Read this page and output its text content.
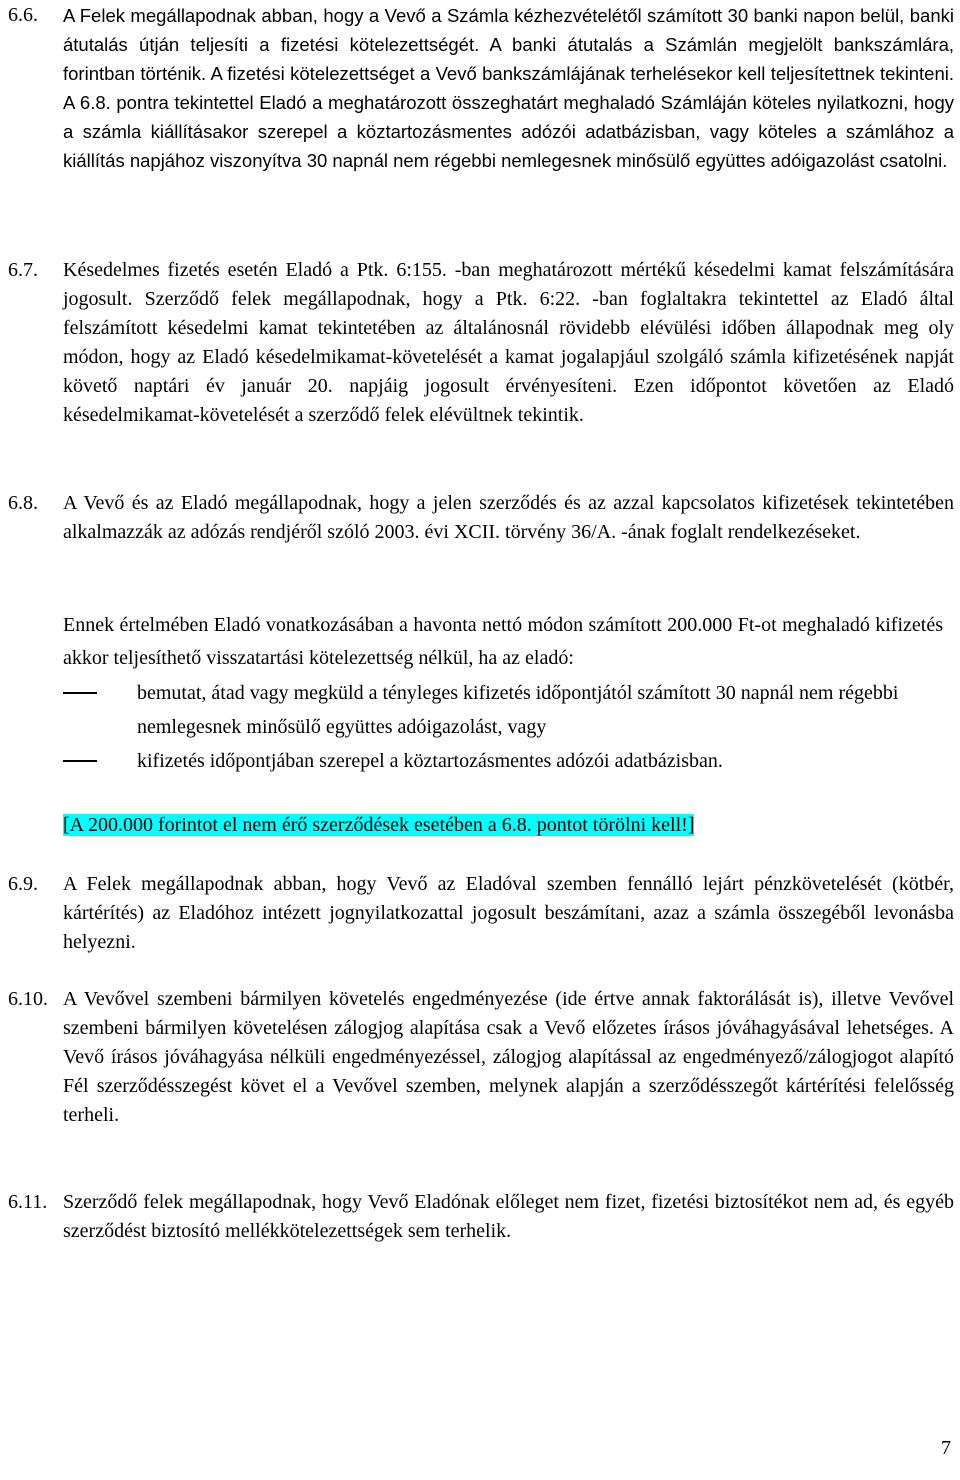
6.6.	A Felek megállapodnak abban, hogy a Vevő a Számla kézhezvételétől számított 30 banki napon belül, banki átutalás útján teljesíti a fizetési kötelezettségét. A banki átutalás a Számlán megjelölt bankszámlára, forintban történik. A fizetési kötelezettséget a Vevő bankszámlájának terhelésekor kell teljesítettnek tekinteni. A 6.8. pontra tekintettel Eladó a meghatározott összeghatárt meghaladó Számláján köteles nyilatkozni, hogy a számla kiállításakor szerepel a köztartozásmentes adózói adatbázisban, vagy köteles a számlához a kiállítás napjához viszonyítva 30 napnál nem régebbi nemlegesnek minősülő együttes adóigazolást csatolni.
6.7.	Késedelmes fizetés esetén Eladó a Ptk. 6:155. -ban meghatározott mértékű késedelmi kamat felszámítására jogosult. Szerződő felek megállapodnak, hogy a Ptk. 6:22. -ban foglaltakra tekintettel az Eladó által felszámított késedelmi kamat tekintetében az általánosnál rövidebb elévülési időben állapodnak meg oly módon, hogy az Eladó késedelmikamat-követelését a kamat jogalapjául szolgáló számla kifizetésének napját követő naptári év január 20. napjáig jogosult érvényesíteni. Ezen időpontot követően az Eladó késedelmikamat-követelését a szerződő felek elévültnek tekintik.
6.8.	A Vevő és az Eladó megállapodnak, hogy a jelen szerződés és az azzal kapcsolatos kifizetések tekintetében alkalmazzák az adózás rendjéről szóló 2003. évi XCII. törvény 36/A. -ának foglalt rendelkezéseket.
Ennek értelmében Eladó vonatkozásában a havonta nettó módon számított 200.000 Ft-ot meghaladó kifizetés akkor teljesíthető visszatartási kötelezettség nélkül, ha az eladó:
bemutat, átad vagy megküld a tényleges kifizetés időpontjától számított 30 napnál nem régebbi nemlegesnek minősülő együttes adóigazolást, vagy
kifizetés időpontjában szerepel a köztartozásmentes adózói adatbázisban.
[A 200.000 forintot el nem érő szerződések esetében a 6.8. pontot törölni kell!]
6.9.	A Felek megállapodnak abban, hogy Vevő az Eladóval szemben fennálló lejárt pénzkövetelését (kötbér, kártérítés) az Eladóhoz intézett jognyilatkozattal jogosult beszámítani, azaz a számla összegéből levonásba helyezni.
6.10. A Vevővel szembeni bármilyen követelés engedményezése (ide értve annak faktorálását is), illetve Vevővel szembeni bármilyen követelésen zálogjog alapítása csak a Vevő előzetes írásos jóváhagyásával lehetséges. A Vevő írásos jóváhagyása nélküli engedményezéssel, zálogjog alapítással az engedményező/zálogjogot alapító Fél szerződésszegést követ el a Vevővel szemben, melynek alapján a szerződésszegőt kártérítési felelősség terheli.
6.11. Szerződő felek megállapodnak, hogy Vevő Eladónak előleget nem fizet, fizetési biztosítékot nem ad, és egyéb szerződést biztosító mellékkötelezettségek sem terhelik.
7
